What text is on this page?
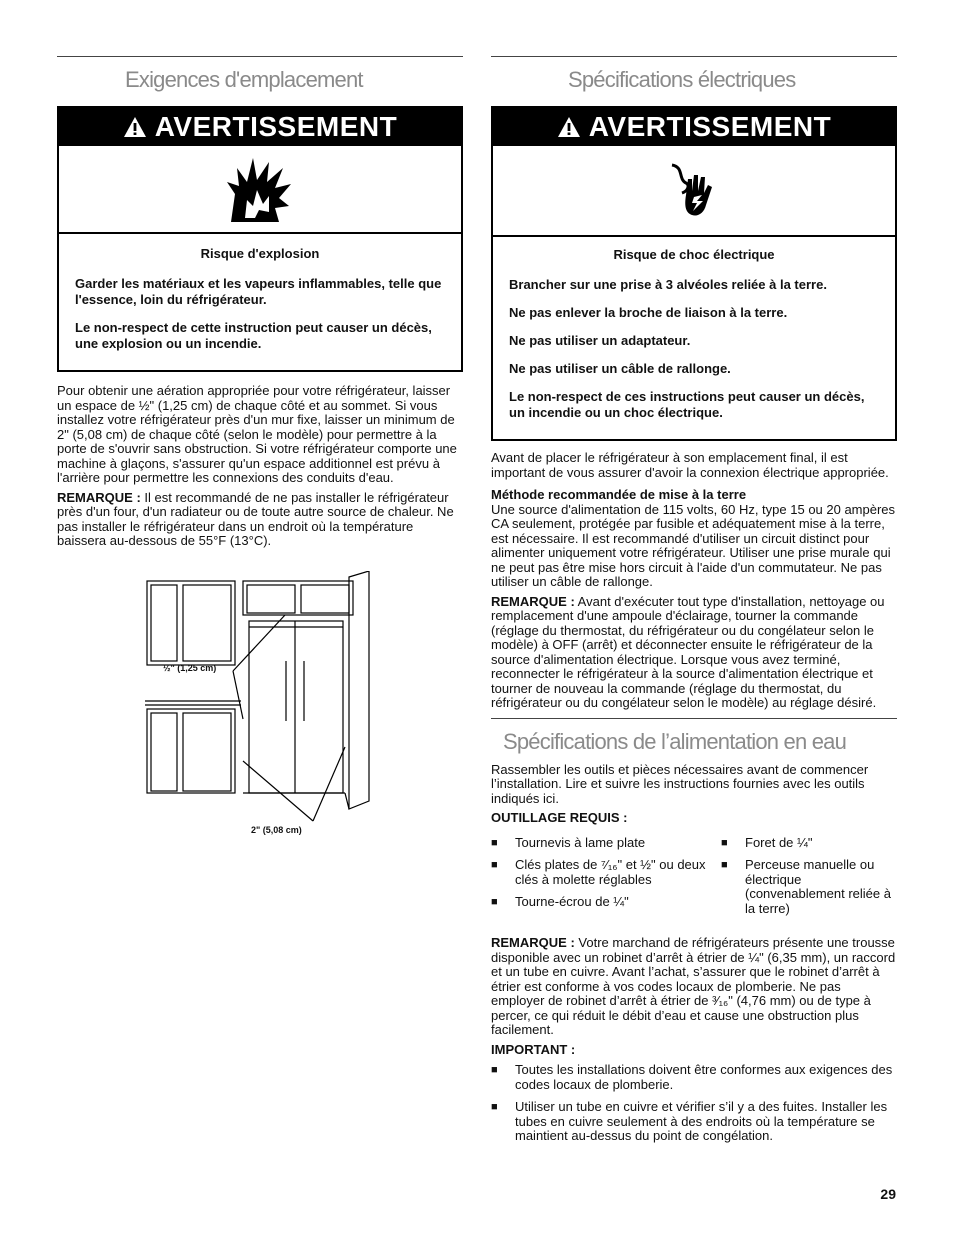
Exigences d'emplacement
AVERTISSEMENT

Risque d'explosion

Garder les matériaux et les vapeurs inflammables, telle que l'essence, loin du réfrigérateur.

Le non-respect de cette instruction peut causer un décès, une explosion ou un incendie.

Pour obtenir une aération appropriée pour votre réfrigérateur, laisser un espace de ½" (1,25 cm) de chaque côté et au sommet. Si vous installez votre réfrigérateur près d'un mur fixe, laisser un minimum de 2" (5,08 cm) de chaque côté (selon le modèle) pour permettre à la porte de s'ouvrir sans obstruction. Si votre réfrigérateur comporte une machine à glaçons, s'assurer qu'un espace additionnel est prévu à l'arrière pour permettre les connexions des conduits d'eau.

REMARQUE : Il est recommandé de ne pas installer le réfrigérateur près d'un four, d'un radiateur ou de toute autre source de chaleur. Ne pas installer le réfrigérateur dans un endroit où la température baissera au-dessous de 55°F (13°C).

½" (1,25 cm)
2" (5,08 cm)
Spécifications électriques
AVERTISSEMENT

Risque de choc électrique

Brancher sur une prise à 3 alvéoles reliée à la terre.

Ne pas enlever la broche de liaison à la terre.

Ne pas utiliser un adaptateur.

Ne pas utiliser un câble de rallonge.

Le non-respect de ces instructions peut causer un décès, un incendie ou un choc électrique.

Avant de placer le réfrigérateur à son emplacement final, il est important de vous assurer d'avoir la connexion électrique appropriée.

Méthode recommandée de mise à la terre

Une source d'alimentation de 115 volts, 60 Hz, type 15 ou 20 ampères CA seulement, protégée par fusible et adéquatement mise à la terre, est nécessaire. Il est recommandé d'utiliser un circuit distinct pour alimenter uniquement votre réfrigérateur. Utiliser une prise murale qui ne peut pas être mise hors circuit à l'aide d'un commutateur. Ne pas utiliser un câble de rallonge.

REMARQUE : Avant d'exécuter tout type d'installation, nettoyage ou remplacement d'une ampoule d'éclairage, tourner la commande (réglage du thermostat, du réfrigérateur ou du congélateur selon le modèle) à OFF (arrêt) et déconnecter ensuite le réfrigérateur de la source d'alimentation électrique. Lorsque vous avez terminé, reconnecter le réfrigérateur à la source d'alimentation électrique et tourner de nouveau la commande (réglage du thermostat, du réfrigérateur ou du congélateur selon le modèle) au réglage désiré.

Spécifications de l’alimentation en eau

Rassembler les outils et pièces nécessaires avant de commencer l’installation. Lire et suivre les instructions fournies avec les outils indiqués ici.

OUTILLAGE REQUIS :
■	Tournevis à lame plate
■	Clés plates de ⁷⁄₁₆" et ½" ou deux clés à molette réglables
■	Tourne-écrou de ¼"
■	Foret de ¼"
■	Perceuse manuelle ou électrique (convenablement reliée à la terre)

REMARQUE : Votre marchand de réfrigérateurs présente une trousse disponible avec un robinet d’arrêt à étrier de ¼" (6,35 mm), un raccord et un tube en cuivre. Avant l’achat, s’assurer que le robinet d’arrêt à étrier est conforme à vos codes locaux de plomberie. Ne pas employer de robinet d’arrêt à étrier de ³⁄₁₆" (4,76 mm) ou de type à percer, ce qui réduit le débit d’eau et cause une obstruction plus facilement.

IMPORTANT :
■	Toutes les installations doivent être conformes aux exigences des codes locaux de plomberie.
■	Utiliser un tube en cuivre et vérifier s’il y a des fuites. Installer les tubes en cuivre seulement à des endroits où la température se maintient au-dessus du point de congélation.
29
